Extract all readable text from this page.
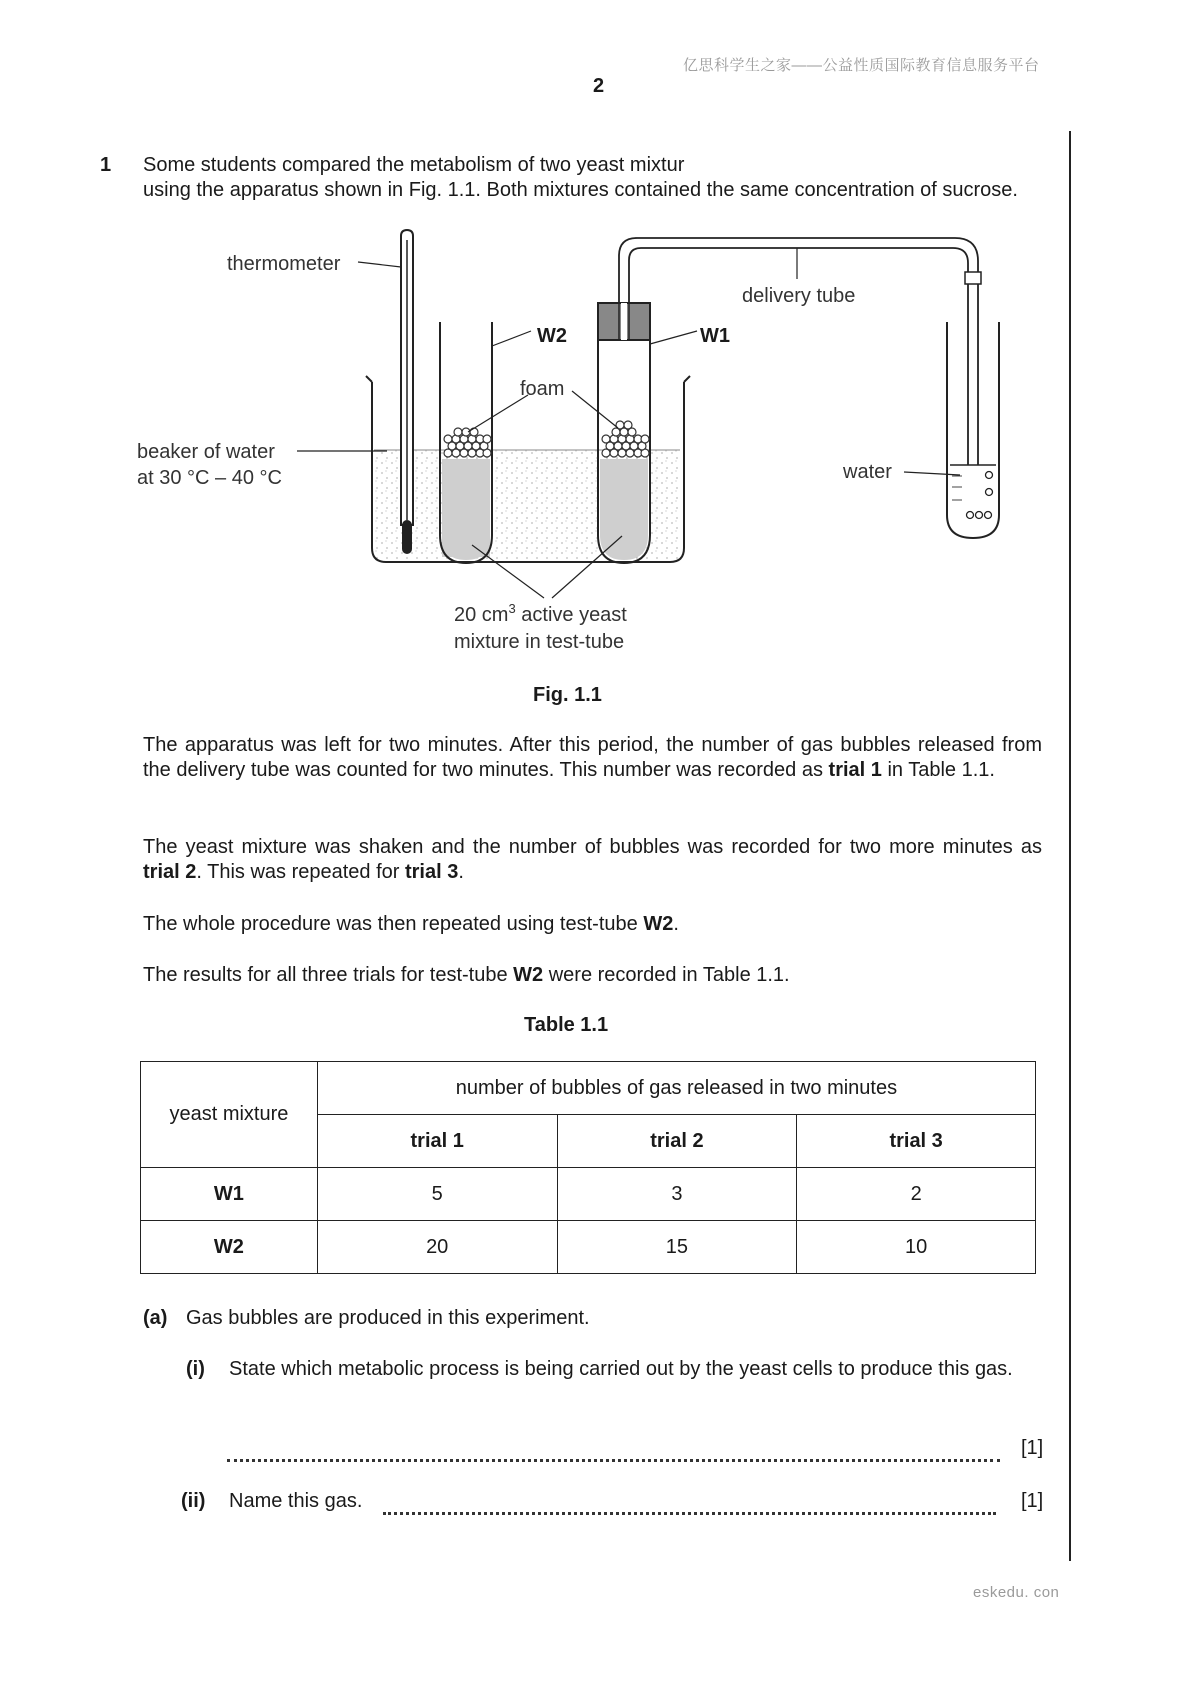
亿思科学生之家——公益性质国际教育信息服务平台
2
1 Some students compared the metabolism of two yeast mixtur
using the apparatus shown in Fig. 1.1. Both mixtures contained the same concentration of sucrose.
thermometer
delivery tube
W2	W1
foam
beaker of water
at 30 °C – 40 °C	water
20 $cm^3$ active yeast
mixture in test-tube
Fig. 1.1
The apparatus was left for two minutes. After this period, the number of gas bubbles released from the delivery tube was counted for two minutes. This number was recorded as trial 1 in Table 1.1.
The yeast mixture was shaken and the number of bubbles was recorded for two more minutes as trial 2. This was repeated for trial 3.
The whole procedure was then repeated using test-tube W2.
The results for all three trials for test-tube W2 were recorded in Table 1.1.
Table 1.1
yeast mixture	number of bubbles of gas released in two minutes		
	trial 1	trial 2	trial 3
W1	5	3	2
W2	20	15	10
(a) Gas bubbles are produced in this experiment.
(i) State which metabolic process is being carried out by the yeast cells to produce this gas.
[1]
(ii) Name this gas.	[1]
eskedu. con
